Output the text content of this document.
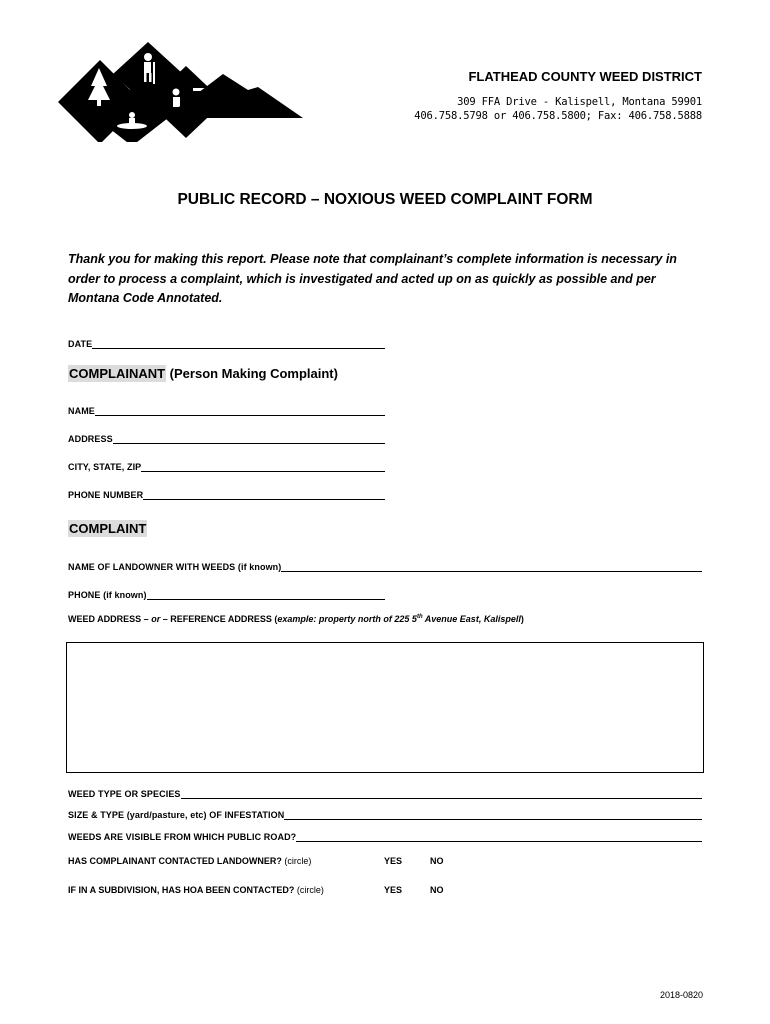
FLATHEAD COUNTY WEED DISTRICT
309 FFA Drive - Kalispell, Montana 59901
406.758.5798 or 406.758.5800; Fax: 406.758.5888
PUBLIC RECORD – NOXIOUS WEED COMPLAINT FORM
Thank you for making this report. Please note that complainant’s complete information is necessary in order to process a complaint, which is investigated and acted up on as quickly as possible and per Montana Code Annotated.
DATE
COMPLAINANT (Person Making Complaint)
NAME
ADDRESS
CITY, STATE, ZIP
PHONE NUMBER
COMPLAINT
NAME OF LANDOWNER WITH WEEDS (if known)
PHONE (if known)
WEED ADDRESS – or – REFERENCE ADDRESS (example: property north of 225 5th Avenue East, Kalispell)
WEED TYPE OR SPECIES
SIZE & TYPE (yard/pasture, etc) OF INFESTATION
WEEDS ARE VISIBLE FROM WHICH PUBLIC ROAD?
HAS COMPLAINANT CONTACTED LANDOWNER? (circle)	YES	NO
IF IN A SUBDIVISION, HAS HOA BEEN CONTACTED? (circle)	YES	NO
2018-0820
